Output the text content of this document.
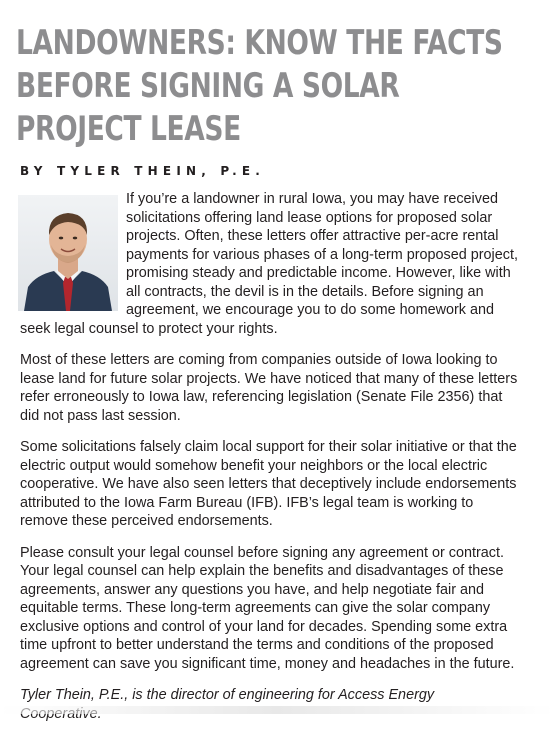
LANDOWNERS: KNOW THE FACTS BEFORE SIGNING A SOLAR PROJECT LEASE
BY TYLER THEIN, P.E.

If you’re a landowner in rural Iowa, you may have received solicitations offering land lease options for proposed solar projects. Often, these letters offer attractive per-acre rental payments for various phases of a long-term proposed project, promising steady and predictable income. However, like with all contracts, the devil is in the details. Before signing an agreement, we encourage you to do some homework and seek legal counsel to protect your rights.

Most of these letters are coming from companies outside of Iowa looking to lease land for future solar projects. We have noticed that many of these letters refer erroneously to Iowa law, referencing legislation (Senate File 2356) that did not pass last session.

Some solicitations falsely claim local support for their solar initiative or that the electric output would somehow benefit your neighbors or the local electric cooperative. We have also seen letters that deceptively include endorsements attributed to the Iowa Farm Bureau (IFB). IFB’s legal team is working to remove these perceived endorsements.

Please consult your legal counsel before signing any agreement or contract. Your legal counsel can help explain the benefits and disadvantages of these agreements, answer any questions you have, and help negotiate fair and equitable terms. These long-term agreements can give the solar company exclusive options and control of your land for decades. Spending some extra time upfront to better understand the terms and conditions of the proposed agreement can save you significant time, money and headaches in the future.

Tyler Thein, P.E., is the director of engineering for Access Energy
